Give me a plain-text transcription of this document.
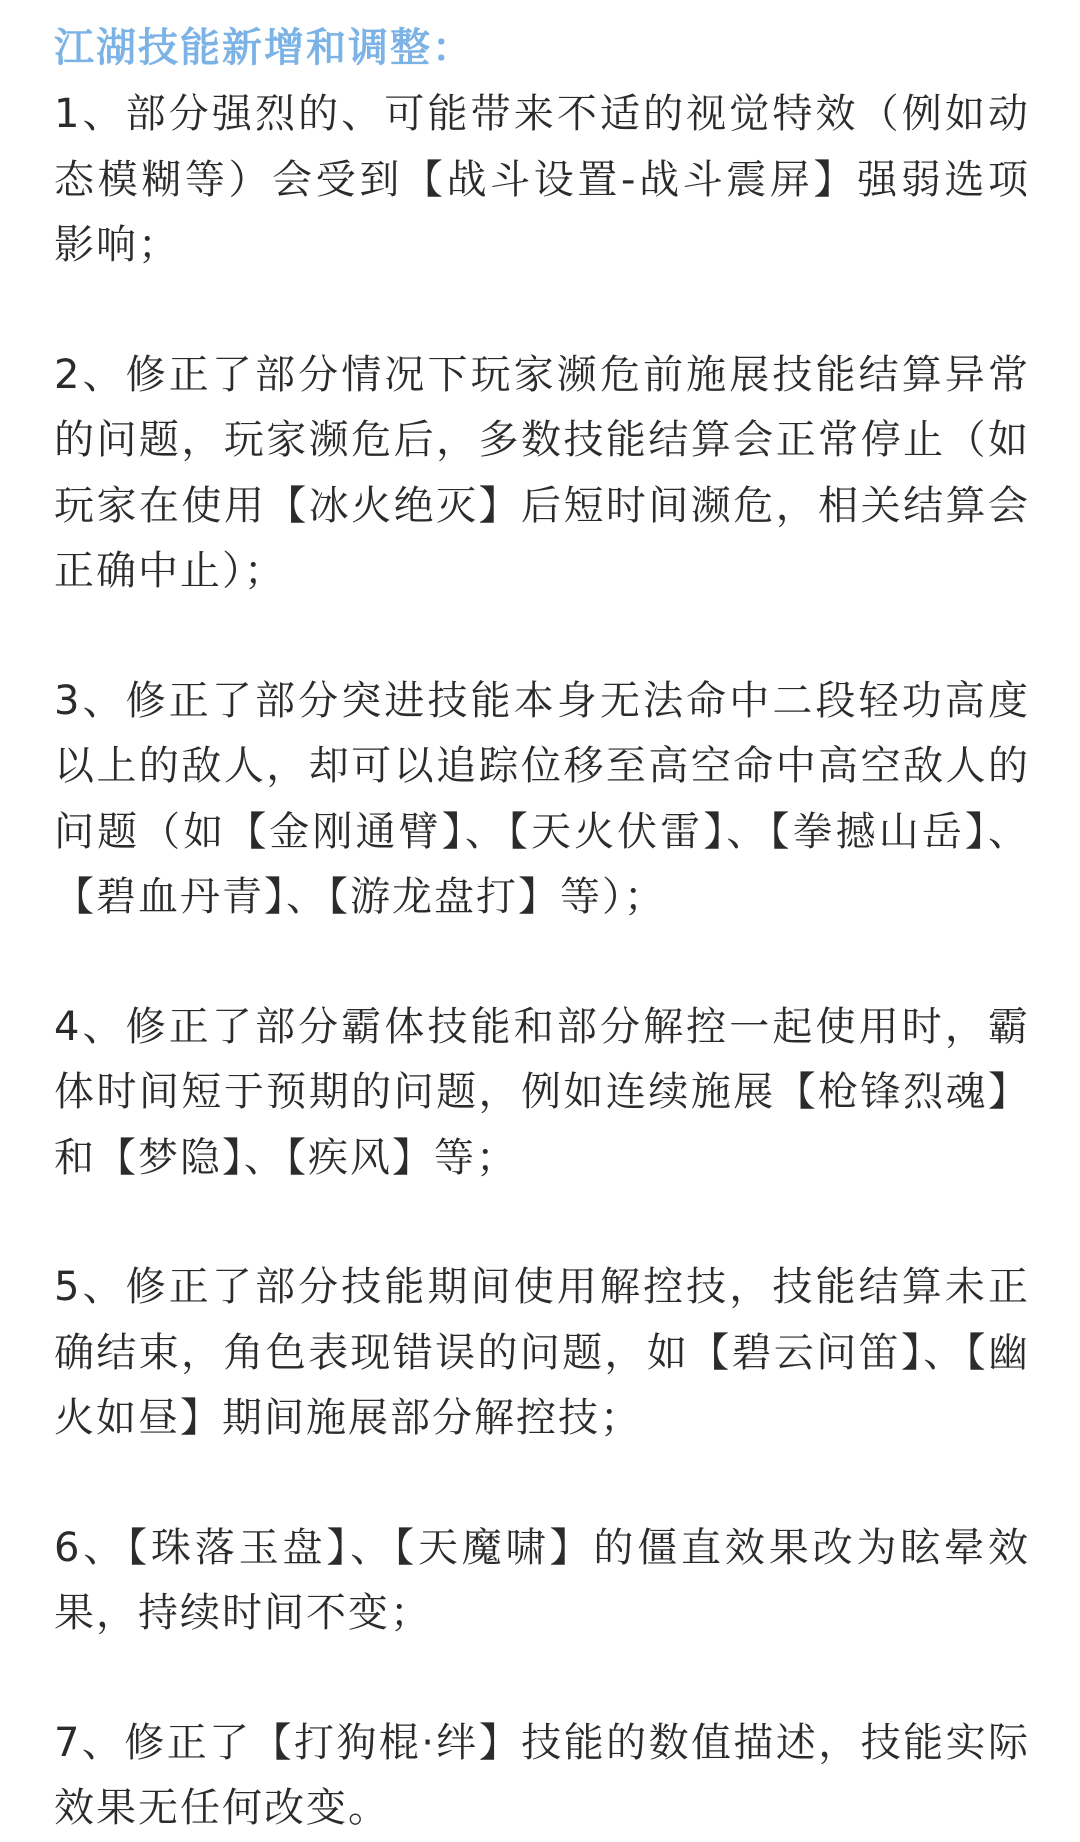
江湖技能新增和调整：

1、部分强烈的、可能带来不适的视觉特效（例如动态模糊等）会受到【战斗设置-战斗震屏】强弱选项影响；

2、修正了部分情况下玩家濒危前施展技能结算异常的问题，玩家濒危后，多数技能结算会正常停止（如玩家在使用【冰火绝灭】后短时间濒危，相关结算会正确中止）；

3、修正了部分突进技能本身无法命中二段轻功高度以上的敌人，却可以追踪位移至高空命中高空敌人的问题（如【金刚通臂】、【天火伏雷】、【拳撼山岳】、【碧血丹青】、【游龙盘打】等）；

4、修正了部分霸体技能和部分解控一起使用时，霸体时间短于预期的问题，例如连续施展【枪锋烈魂】和【梦隐】、【疾风】等；

5、修正了部分技能期间使用解控技，技能结算未正确结束，角色表现错误的问题，如【碧云问笛】、【幽火如昼】期间施展部分解控技；

6、【珠落玉盘】、【天魔啸】的僵直效果改为眩晕效果，持续时间不变；

7、修正了【打狗棍·绊】技能的数值描述，技能实际效果无任何改变。
